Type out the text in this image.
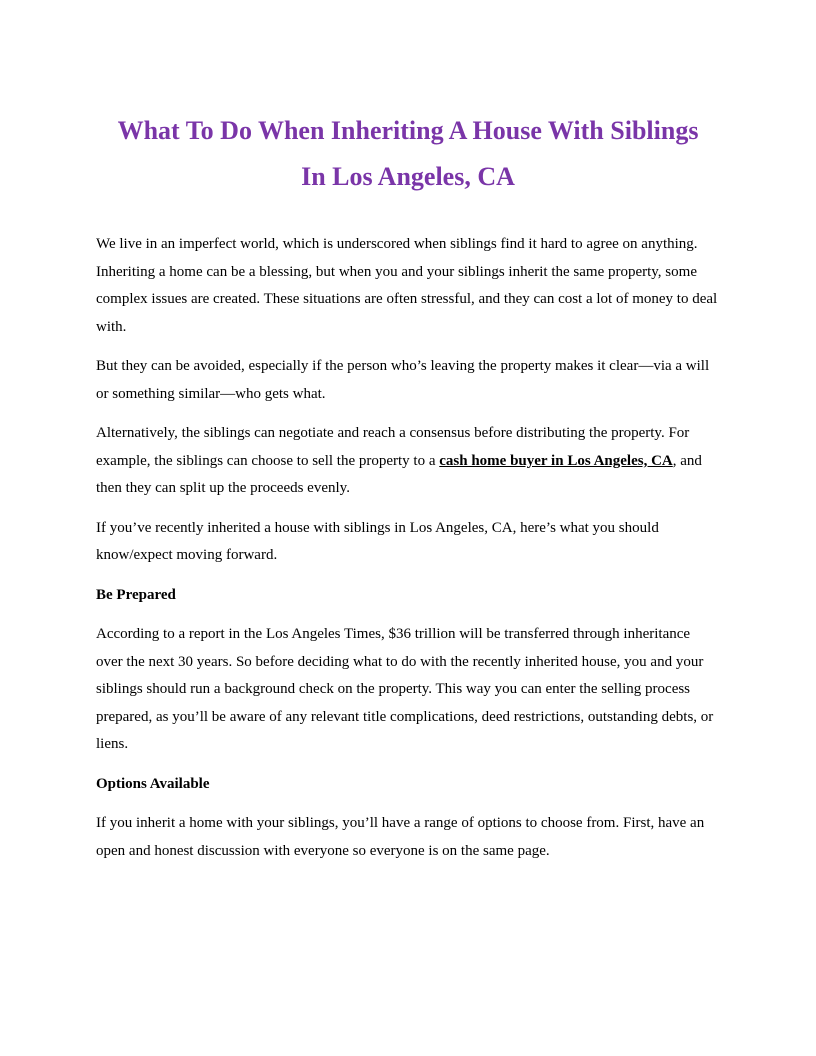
What To Do When Inheriting A House With Siblings
In Los Angeles, CA

We live in an imperfect world, which is underscored when siblings find it hard to agree on anything. Inheriting a home can be a blessing, but when you and your siblings inherit the same property, some complex issues are created. These situations are often stressful, and they can cost a lot of money to deal with.

But they can be avoided, especially if the person who’s leaving the property makes it clear—via a will or something similar—who gets what.

Alternatively, the siblings can negotiate and reach a consensus before distributing the property. For example, the siblings can choose to sell the property to a cash home buyer in Los Angeles, CA, and then they can split up the proceeds evenly.

If you’ve recently inherited a house with siblings in Los Angeles, CA, here’s what you should know/expect moving forward.

Be Prepared

According to a report in the Los Angeles Times, $36 trillion will be transferred through inheritance over the next 30 years. So before deciding what to do with the recently inherited house, you and your siblings should run a background check on the property. This way you can enter the selling process prepared, as you’ll be aware of any relevant title complications, deed restrictions, outstanding debts, or liens.

Options Available

If you inherit a home with your siblings, you’ll have a range of options to choose from. First, have an open and honest discussion with everyone so everyone is on the same page.
